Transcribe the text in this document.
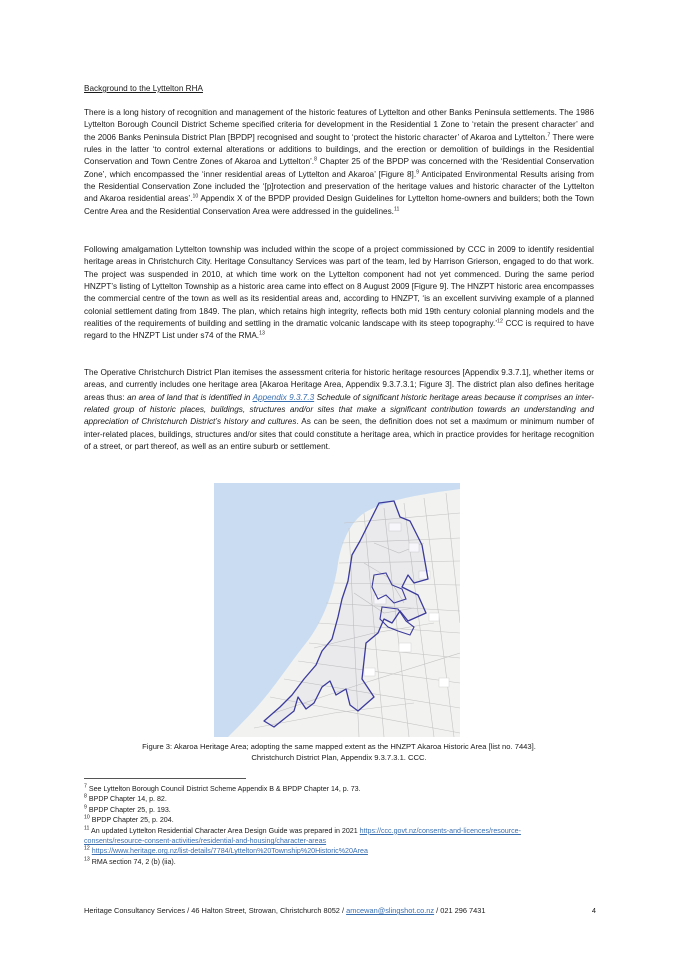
Background to the Lyttelton RHA

There is a long history of recognition and management of the historic features of Lyttelton and other Banks Peninsula settlements. The 1986 Lyttelton Borough Council District Scheme specified criteria for development in the Residential 1 Zone to ‘retain the present character’ and the 2006 Banks Peninsula District Plan [BPDP] recognised and sought to ‘protect the historic character’ of Akaroa and Lyttelton.$^7$ There were rules in the latter ‘to control external alterations or additions to buildings, and the erection or demolition of buildings in the Residential Conservation and Town Centre Zones of Akaroa and Lyttelton’.$^8$ Chapter 25 of the BPDP was concerned with the ‘Residential Conservation Zone’, which encompassed the ‘inner residential areas of Lyttelton and Akaroa’ [Figure 8].$^9$ Anticipated Environmental Results arising from the Residential Conservation Zone included the ‘[p]rotection and preservation of the heritage values and historic character of the Lyttelton and Akaroa residential areas’.$^{10}$ Appendix X of the BPDP provided Design Guidelines for Lyttelton home-owners and builders; both the Town Centre Area and the Residential Conservation Area were addressed in the guidelines.$^{11}$

Following amalgamation Lyttelton township was included within the scope of a project commissioned by CCC in 2009 to identify residential heritage areas in Christchurch City. Heritage Consultancy Services was part of the team, led by Harrison Grierson, engaged to do that work. The project was suspended in 2010, at which time work on the Lyttelton component had not yet commenced. During the same period HNZPT’s listing of Lyttelton Township as a historic area came into effect on 8 August 2009 [Figure 9]. The HNZPT historic area encompasses the commercial centre of the town as well as its residential areas and, according to HNZPT, ‘is an excellent surviving example of a planned colonial settlement dating from 1849. The plan, which retains high integrity, reflects both mid 19th century colonial planning models and the realities of the requirements of building and settling in the dramatic volcanic landscape with its steep topography.’$^{12}$ CCC is required to have regard to the HNZPT List under s74 of the RMA.$^{13}$

The Operative Christchurch District Plan itemises the assessment criteria for historic heritage resources [Appendix 9.3.7.1], whether items or areas, and currently includes one heritage area [Akaroa Heritage Area, Appendix 9.3.7.3.1; Figure 3]. The district plan also defines heritage areas thus: an area of land that is identified in Appendix 9.3.7.3 Schedule of significant historic heritage areas because it comprises an inter-related group of historic places, buildings, structures and/or sites that make a significant contribution towards an understanding and appreciation of Christchurch District’s history and cultures. As can be seen, the definition does not set a maximum or minimum number of inter-related places, buildings, structures and/or sites that could constitute a heritage area, which in practice provides for heritage recognition of a street, or part thereof, as well as an entire suburb or settlement.

Figure 3: Akaroa Heritage Area; adopting the same mapped extent as the HNZPT Akaroa Historic Area [list no. 7443].
Christchurch District Plan, Appendix 9.3.7.3.1. CCC.

$^7$ See Lyttelton Borough Council District Scheme Appendix B & BPDP Chapter 14, p. 73.

$^8$ BPDP Chapter 14, p. 82.

$^9$ BPDP Chapter 25, p. 193.

$^{10}$ BPDP Chapter 25, p. 204.

$^{11}$ An updated Lyttelton Residential Character Area Design Guide was prepared in 2021 https://ccc.govt.nz/consents-and-licences/resource-
consents/resource-consent-activities/residential-and-housing/character-areas

$^{12}$ https://www.heritage.org.nz/list-details/7784/Lyttelton%20Township%20Historic%20Area

$^{13}$ RMA section 74, 2 (b) (iia).

Heritage Consultancy Services / 46 Halton Street, Strowan, Christchurch 8052 / amcewan@slingshot.co.nz / 021 296 7431	4
